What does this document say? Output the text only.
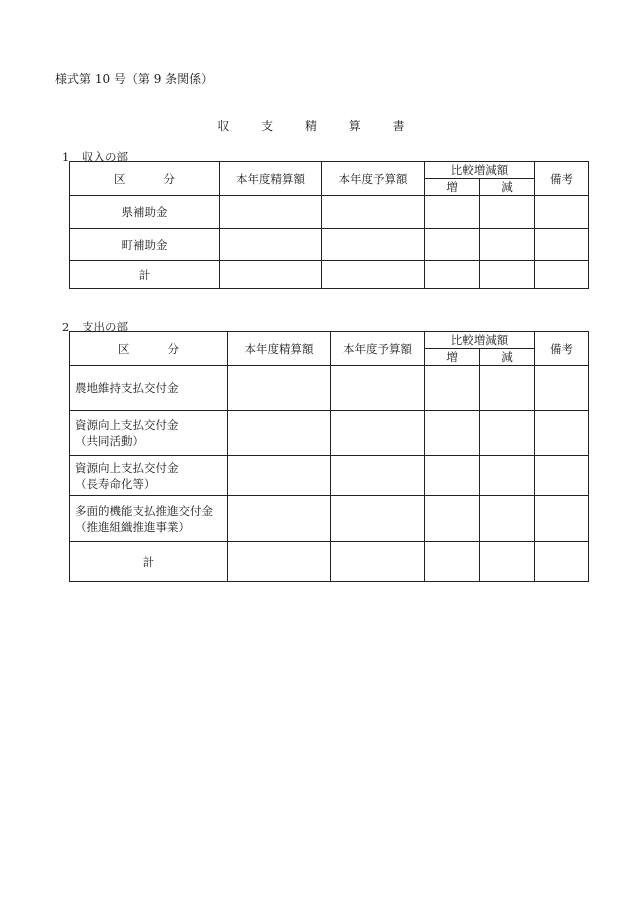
様式第 10 号（第 9 条関係）
収 支 精 算 書
1 収入の部
区 分	本年度精算額	本年度予算額	比較増減額		備考
			増	減	
県補助金					
町補助金					
計					
2 支出の部
区 分	本年度精算額	本年度予算額	比較増減額		備考
			増	減	

農地維持支払交付金					

資源向上支払交付金
（共同活動）					

資源向上支払交付金
（長寿命化等）					

多面的機能支払推進交付金
（推進組織推進事業）					

計					
